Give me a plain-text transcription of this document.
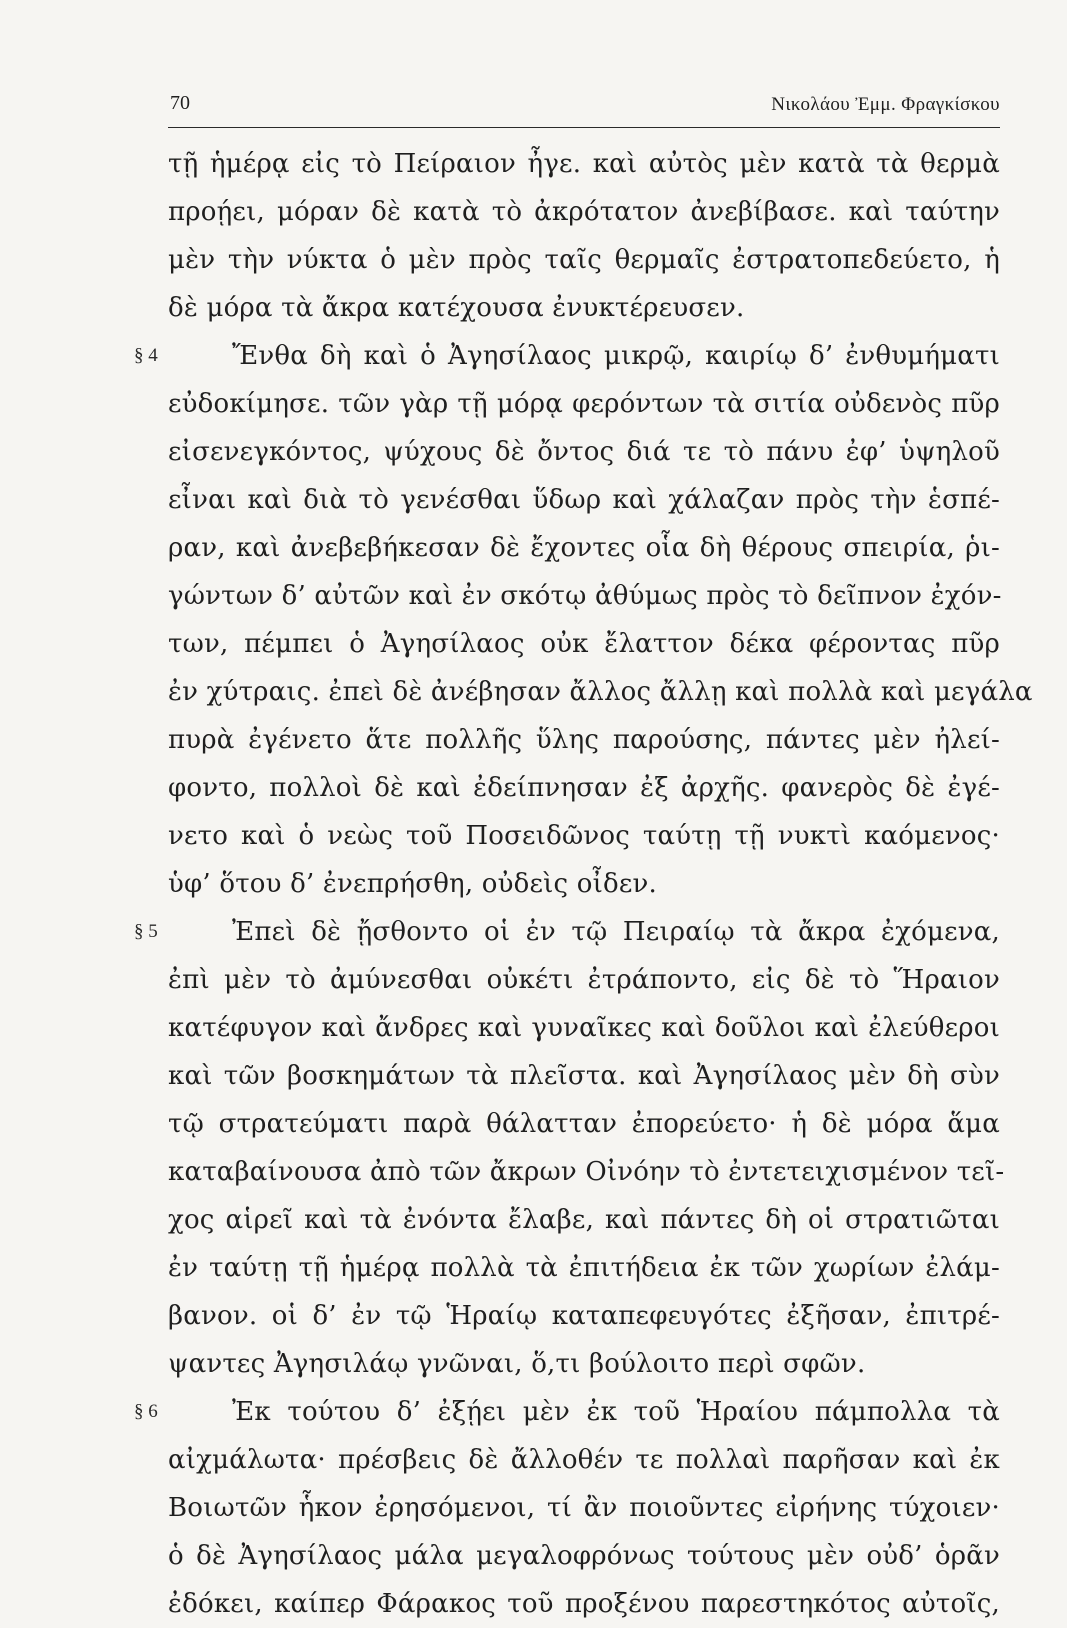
70	Νικολάου Ἐμμ. Φραγκίσκου
τῇ ἡμέρᾳ εἰς τὸ Πείραιον ἦγε. καὶ αὐτὸς μὲν κατὰ τὰ θερμὰ
προῄει, μόραν δὲ κατὰ τὸ ἀκρότατον ἀνεβίβασε. καὶ ταύτην
μὲν τὴν νύκτα ὁ μὲν πρὸς ταῖς θερμαῖς ἐστρατοπεδεύετο, ἡ
δὲ μόρα τὰ ἄκρα κατέχουσα ἐνυκτέρευσεν.
§ 4	Ἔνθα δὴ καὶ ὁ Ἀγησίλαος μικρῷ, καιρίῳ δ’ ἐνθυμήματι
εὐδοκίμησε. τῶν γὰρ τῇ μόρᾳ φερόντων τὰ σιτία οὐδενὸς πῦρ
εἰσενεγκόντος, ψύχους δὲ ὄντος διά τε τὸ πάνυ ἐφ’ ὑψηλοῦ
εἶναι καὶ διὰ τὸ γενέσθαι ὕδωρ καὶ χάλαζαν πρὸς τὴν ἑσπέ-
ραν, καὶ ἀνεβεβήκεσαν δὲ ἔχοντες οἷα δὴ θέρους σπειρία, ῥι-
γώντων δ’ αὐτῶν καὶ ἐν σκότῳ ἀθύμως πρὸς τὸ δεῖπνον ἐχόν-
των, πέμπει ὁ Ἀγησίλαος οὐκ ἔλαττον δέκα φέροντας πῦρ
ἐν χύτραις. ἐπεὶ δὲ ἀνέβησαν ἄλλος ἄλλῃ καὶ πολλὰ καὶ μεγάλα
πυρὰ ἐγένετο ἅτε πολλῆς ὕλης παρούσης, πάντες μὲν ἠλεί-
φοντο, πολλοὶ δὲ καὶ ἐδείπνησαν ἐξ ἀρχῆς. φανερὸς δὲ ἐγέ-
νετο καὶ ὁ νεὼς τοῦ Ποσειδῶνος ταύτῃ τῇ νυκτὶ καόμενος·
ὑφ’ ὅτου δ’ ἐνεπρήσθη, οὐδεὶς οἶδεν.
§ 5	Ἐπεὶ δὲ ᾔσθοντο οἱ ἐν τῷ Πειραίῳ τὰ ἄκρα ἐχόμενα,
ἐπὶ μὲν τὸ ἀμύνεσθαι οὐκέτι ἐτράποντο, εἰς δὲ τὸ Ἥραιον
κατέφυγον καὶ ἄνδρες καὶ γυναῖκες καὶ δοῦλοι καὶ ἐλεύθεροι
καὶ τῶν βοσκημάτων τὰ πλεῖστα. καὶ Ἀγησίλαος μὲν δὴ σὺν
τῷ στρατεύματι παρὰ θάλατταν ἐπορεύετο· ἡ δὲ μόρα ἅμα
καταβαίνουσα ἀπὸ τῶν ἄκρων Οἰνόην τὸ ἐντετειχισμένον τεῖ-
χος αἱρεῖ καὶ τὰ ἐνόντα ἔλαβε, καὶ πάντες δὴ οἱ στρατιῶται
ἐν ταύτῃ τῇ ἡμέρᾳ πολλὰ τὰ ἐπιτήδεια ἐκ τῶν χωρίων ἐλάμ-
βανον. οἱ δ’ ἐν τῷ Ἡραίῳ καταπεφευγότες ἐξῆσαν, ἐπιτρέ-
ψαντες Ἀγησιλάῳ γνῶναι, ὅ,τι βούλοιτο περὶ σφῶν.
§ 6	Ἐκ τούτου δ’ ἐξῄει μὲν ἐκ τοῦ Ἡραίου πάμπολλα τὰ
αἰχμάλωτα· πρέσβεις δὲ ἄλλοθέν τε πολλαὶ παρῆσαν καὶ ἐκ
Βοιωτῶν ἧκον ἐρησόμενοι, τί ἂν ποιοῦντες εἰρήνης τύχοιεν·
ὁ δὲ Ἀγησίλαος μάλα μεγαλοφρόνως τούτους μὲν οὐδ’ ὁρᾶν
ἐδόκει, καίπερ Φάρακος τοῦ προξένου παρεστηκότος αὐτοῖς,
